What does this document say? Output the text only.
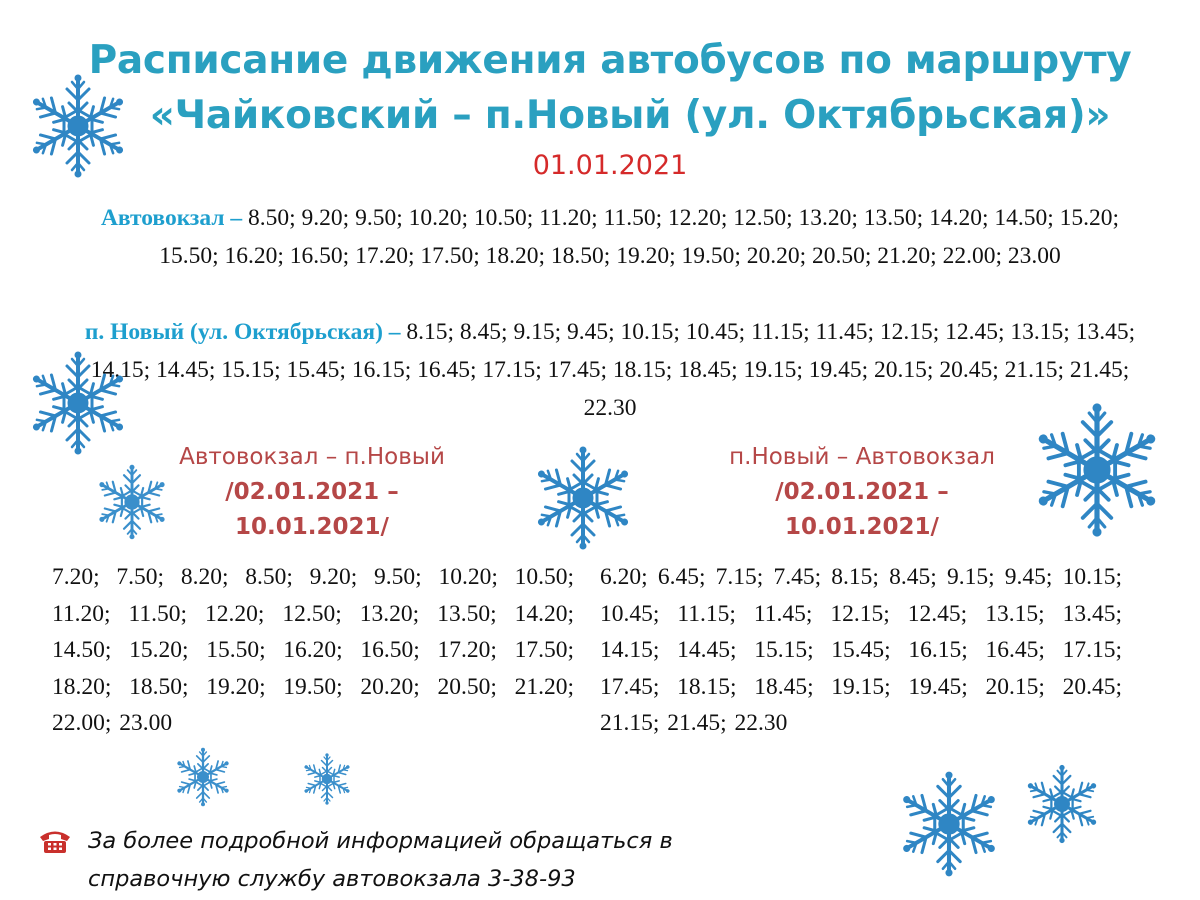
Расписание движения автобусов по маршруту
«Чайковский – п.Новый (ул. Октябрьская)»
01.01.2021
Автовокзал – 8.50; 9.20; 9.50; 10.20; 10.50; 11.20; 11.50; 12.20; 12.50; 13.20; 13.50; 14.20; 14.50; 15.20; 15.50; 16.20; 16.50; 17.20; 17.50; 18.20; 18.50; 19.20; 19.50; 20.20; 20.50; 21.20; 22.00; 23.00
п. Новый (ул. Октябрьская) – 8.15; 8.45; 9.15; 9.45; 10.15; 10.45; 11.15; 11.45; 12.15; 12.45; 13.15; 13.45; 14.15; 14.45; 15.15; 15.45; 16.15; 16.45; 17.15; 17.45; 18.15; 18.45; 19.15; 19.45; 20.15; 20.45; 21.15; 21.45; 22.30
Автовокзал – п.Новый
/02.01.2021 –
10.01.2021/
п.Новый – Автовокзал
/02.01.2021 –
10.01.2021/
7.20; 7.50; 8.20; 8.50; 9.20; 9.50; 10.20; 10.50; 11.20; 11.50; 12.20; 12.50; 13.20; 13.50; 14.20; 14.50; 15.20; 15.50; 16.20; 16.50; 17.20; 17.50; 18.20; 18.50; 19.20; 19.50; 20.20; 20.50; 21.20; 22.00; 23.00
6.20; 6.45; 7.15; 7.45; 8.15; 8.45; 9.15; 9.45; 10.15; 10.45; 11.15; 11.45; 12.15; 12.45; 13.15; 13.45; 14.15; 14.45; 15.15; 15.45; 16.15; 16.45; 17.15; 17.45; 18.15; 18.45; 19.15; 19.45; 20.15; 20.45; 21.15; 21.45; 22.30
За более подробной информацией обращаться в
справочную службу автовокзала 3-38-93
